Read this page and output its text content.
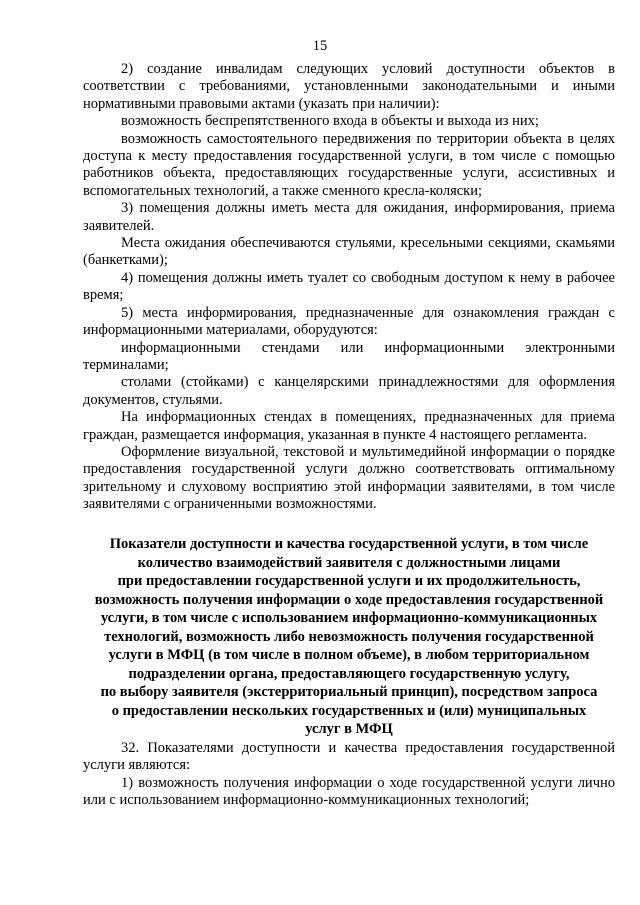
15

2) создание инвалидам следующих условий доступности объектов в соответствии с требованиями, установленными законодательными и иными нормативными правовыми актами (указать при наличии):

возможность беспрепятственного входа в объекты и выхода из них;

возможность самостоятельного передвижения по территории объекта в целях доступа к месту предоставления государственной услуги, в том числе с помощью работников объекта, предоставляющих государственные услуги, ассистивных и вспомогательных технологий, а также сменного кресла-коляски;

3) помещения должны иметь места для ожидания, информирования, приема заявителей.

Места ожидания обеспечиваются стульями, кресельными секциями, скамьями (банкетками);

4) помещения должны иметь туалет со свободным доступом к нему в рабочее время;

5) места информирования, предназначенные для ознакомления граждан с информационными материалами, оборудуются:

информационными стендами или информационными электронными терминалами;

столами (стойками) с канцелярскими принадлежностями для оформления документов, стульями.

На информационных стендах в помещениях, предназначенных для приема граждан, размещается информация, указанная в пункте 4 настоящего регламента.

Оформление визуальной, текстовой и мультимедийной информации о порядке предоставления государственной услуги должно соответствовать оптимальному зрительному и слуховому восприятию этой информации заявителями, в том числе заявителями с ограниченными возможностями.

Показатели доступности и качества государственной услуги, в том числе
количество взаимодействий заявителя с должностными лицами
при предоставлении государственной услуги и их продолжительность,
возможность получения информации о ходе предоставления государственной
услуги, в том числе с использованием информационно-коммуникационных
технологий, возможность либо невозможность получения государственной
услуги в МФЦ (в том числе в полном объеме), в любом территориальном
подразделении органа, предоставляющего государственную услугу,
по выбору заявителя (экстерриториальный принцип), посредством запроса
о предоставлении нескольких государственных и (или) муниципальных
услуг в МФЦ

32. Показателями доступности и качества предоставления государственной услуги являются:

1) возможность получения информации о ходе государственной услуги лично или с использованием информационно-коммуникационных технологий;
